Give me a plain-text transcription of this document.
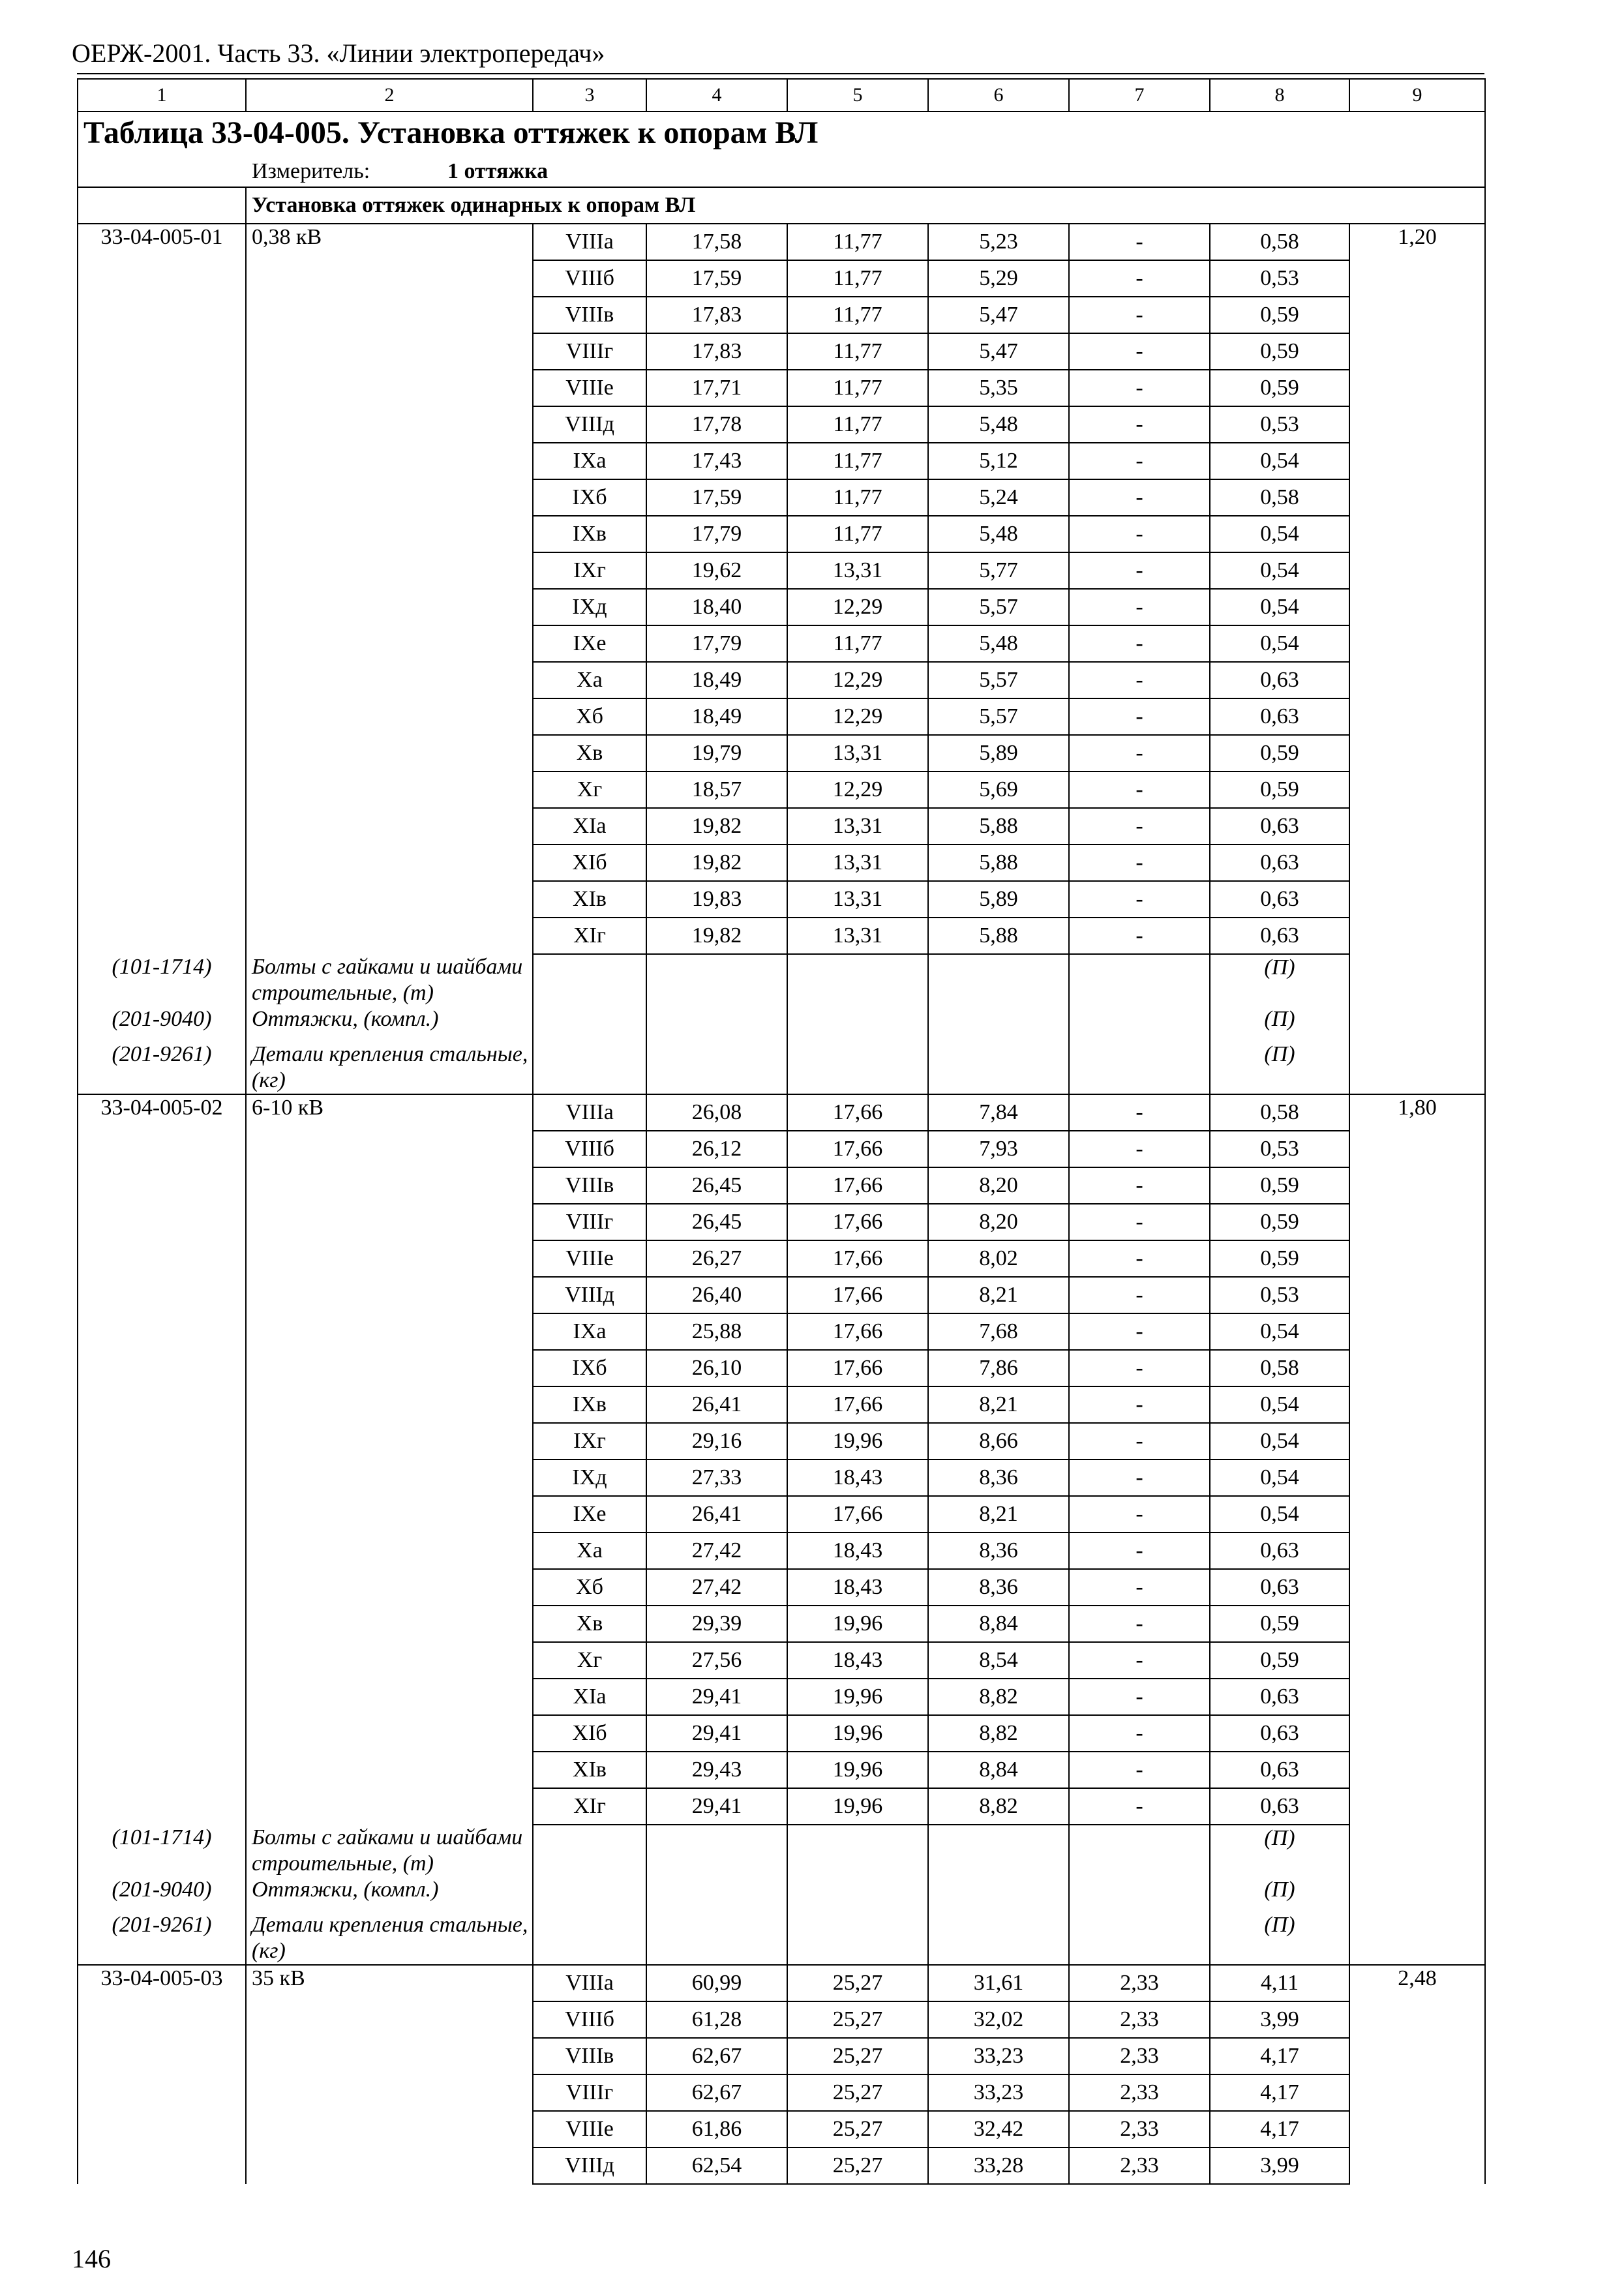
ОЕРЖ-2001. Часть 33. «Линии электропередач»
1	2	3	4	5	6	7	8	9
Таблица 33-04-005. Установка оттяжек к опорам ВЛ								
Измеритель: 1 оттяжка								
	Установка оттяжек одинарных к опорам ВЛ							
33-04-005-01	0,38 кВ	VIIIа	17,58	11,77	5,23	-	0,58	1,20
		VIIIб	17,59	11,77	5,29	-	0,53	
		VIIIв	17,83	11,77	5,47	-	0,59	
		VIIIг	17,83	11,77	5,47	-	0,59	
		VIIIе	17,71	11,77	5,35	-	0,59	
		VIIIд	17,78	11,77	5,48	-	0,53	
		IXа	17,43	11,77	5,12	-	0,54	
		IXб	17,59	11,77	5,24	-	0,58	
		IXв	17,79	11,77	5,48	-	0,54	
		IXг	19,62	13,31	5,77	-	0,54	
		IXд	18,40	12,29	5,57	-	0,54	
		IXе	17,79	11,77	5,48	-	0,54	
		Xа	18,49	12,29	5,57	-	0,63	
		Xб	18,49	12,29	5,57	-	0,63	
		Xв	19,79	13,31	5,89	-	0,59	
		Xг	18,57	12,29	5,69	-	0,59	
		XIа	19,82	13,31	5,88	-	0,63	
		XIб	19,82	13,31	5,88	-	0,63	
		XIв	19,83	13,31	5,89	-	0,63	
		XIг	19,82	13,31	5,88	-	0,63	
(101-1714)	Болты с гайками и шайбами строительные, (т)						(П)	
(201-9040)	Оттяжки, (компл.)						(П)	
(201-9261)	Детали крепления стальные, (кг)						(П)	
33-04-005-02	6-10 кВ	VIIIа	26,08	17,66	7,84	-	0,58	1,80
		VIIIб	26,12	17,66	7,93	-	0,53	
		VIIIв	26,45	17,66	8,20	-	0,59	
		VIIIг	26,45	17,66	8,20	-	0,59	
		VIIIе	26,27	17,66	8,02	-	0,59	
		VIIIд	26,40	17,66	8,21	-	0,53	
		IXа	25,88	17,66	7,68	-	0,54	
		IXб	26,10	17,66	7,86	-	0,58	
		IXв	26,41	17,66	8,21	-	0,54	
		IXг	29,16	19,96	8,66	-	0,54	
		IXд	27,33	18,43	8,36	-	0,54	
		IXе	26,41	17,66	8,21	-	0,54	
		Xа	27,42	18,43	8,36	-	0,63	
		Xб	27,42	18,43	8,36	-	0,63	
		Xв	29,39	19,96	8,84	-	0,59	
		Xг	27,56	18,43	8,54	-	0,59	
		XIа	29,41	19,96	8,82	-	0,63	
		XIб	29,41	19,96	8,82	-	0,63	
		XIв	29,43	19,96	8,84	-	0,63	
		XIг	29,41	19,96	8,82	-	0,63	
(101-1714)	Болты с гайками и шайбами строительные, (т)						(П)	
(201-9040)	Оттяжки, (компл.)						(П)	
(201-9261)	Детали крепления стальные, (кг)						(П)	
33-04-005-03	35 кВ	VIIIа	60,99	25,27	31,61	2,33	4,11	2,48
		VIIIб	61,28	25,27	32,02	2,33	3,99	
		VIIIв	62,67	25,27	33,23	2,33	4,17	
		VIIIг	62,67	25,27	33,23	2,33	4,17	
		VIIIе	61,86	25,27	32,42	2,33	4,17	
		VIIIд	62,54	25,27	33,28	2,33	3,99	
146
